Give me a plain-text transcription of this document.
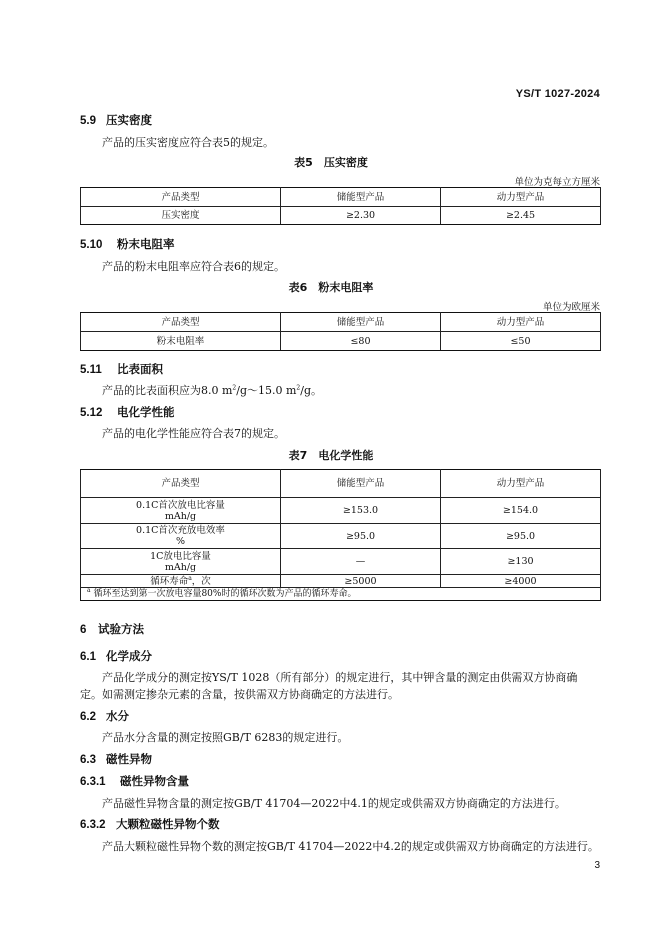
YS/T 1027-2024
5.9 压实密度
产品的压实密度应符合表5的规定。
表5　压实密度
单位为克每立方厘米
产品类型	储能型产品	动力型产品
压实密度	≥2.30	≥2.45
5.10 粉末电阻率
产品的粉末电阻率应符合表6的规定。
表6　粉末电阻率
单位为欧厘米
产品类型	储能型产品	动力型产品
粉末电阻率	≤80	≤50
5.11 比表面积
产品的比表面积应为8.0 $m^2/g\sim 15.0$ $m^2/g$。
5.12 电化学性能
产品的电化学性能应符合表7的规定。
表7　电化学性能
产品类型	储能型产品	动力型产品

0.1C首次放电比容量
mAh/g	≥153.0	≥154.0

0.1C首次充放电效率
%	≥95.0	≥95.0

1C放电比容量
mAh/g	—	≥130
循环寿命$^a$，次	≥5000	≥4000
$^a$ 循环至达到第一次放电容量80%时的循环次数为产品的循环寿命。		
6 试验方法
6.1 化学成分
产品化学成分的测定按YS/T 1028（所有部分）的规定进行，其中钾含量的测定由供需双方协商确
定。如需测定掺杂元素的含量，按供需双方协商确定的方法进行。
6.2 水分
产品水分含量的测定按照GB/T 6283的规定进行。
6.3 磁性异物
6.3.1 磁性异物含量
产品磁性异物含量的测定按GB/T 41704—2022中4.1的规定或供需双方协商确定的方法进行。
6.3.2 大颗粒磁性异物个数
产品大颗粒磁性异物个数的测定按GB/T 41704—2022中4.2的规定或供需双方协商确定的方法进行。
3
